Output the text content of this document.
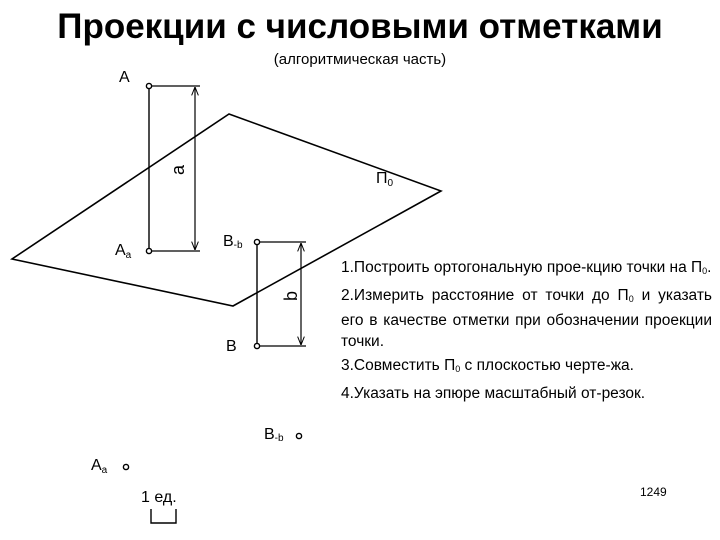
Проекции с числовыми отметками
(алгоритмическая часть)
A
Aa
a	П0
B-b
b
B
B-b
Aa
1 ед.

1.Построить ортогональную прое-кцию точки на $П_0$.

2.Измерить расстояние от точки до $П_0$ и указать его в качестве отметки при обозначении проекции точки.

3.Совместить $П_0$ с плоскостью черте-жа.

4.Указать на эпюре масштабный от-резок.

1249
